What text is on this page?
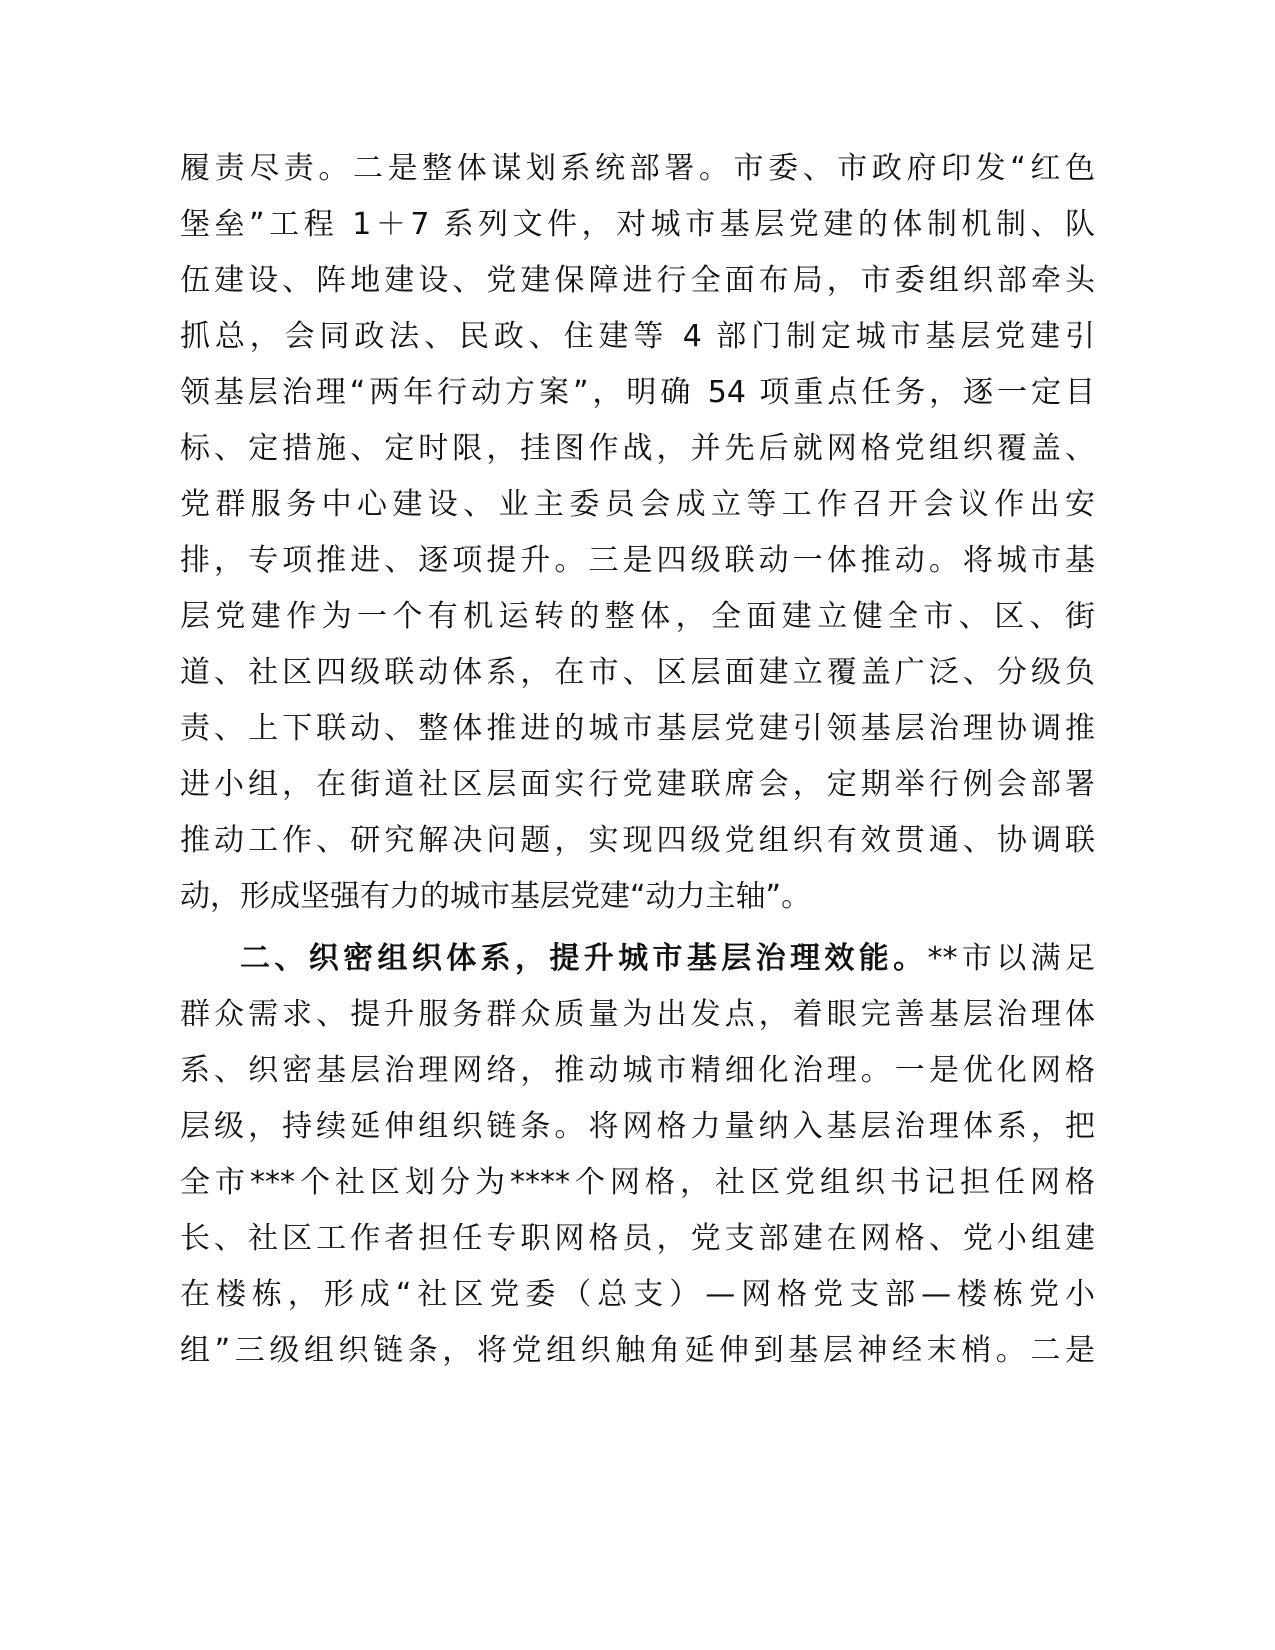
履责尽责。二是整体谋划系统部署。市委、市政府印发“红色
堡垒”工程 1＋7 系列文件，对城市基层党建的体制机制、队
伍建设、阵地建设、党建保障进行全面布局，市委组织部牵头
抓总，会同政法、民政、住建等 4 部门制定城市基层党建引
领基层治理“两年行动方案”，明确 54 项重点任务，逐一定目
标、定措施、定时限，挂图作战，并先后就网格党组织覆盖、
党群服务中心建设、业主委员会成立等工作召开会议作出安
排，专项推进、逐项提升。三是四级联动一体推动。将城市基
层党建作为一个有机运转的整体，全面建立健全市、区、街
道、社区四级联动体系，在市、区层面建立覆盖广泛、分级负
责、上下联动、整体推进的城市基层党建引领基层治理协调推
进小组，在街道社区层面实行党建联席会，定期举行例会部署
推动工作、研究解决问题，实现四级党组织有效贯通、协调联
动，形成坚强有力的城市基层党建“动力主轴”。
二、织密组织体系，提升城市基层治理效能。**市以满足
群众需求、提升服务群众质量为出发点，着眼完善基层治理体
系、织密基层治理网络，推动城市精细化治理。一是优化网格
层级，持续延伸组织链条。将网格力量纳入基层治理体系，把
全市***个社区划分为****个网格，社区党组织书记担任网格
长、社区工作者担任专职网格员，党支部建在网格、党小组建
在楼栋，形成“社区党委（总支）—网格党支部—楼栋党小
组”三级组织链条，将党组织触角延伸到基层神经末梢。二是
